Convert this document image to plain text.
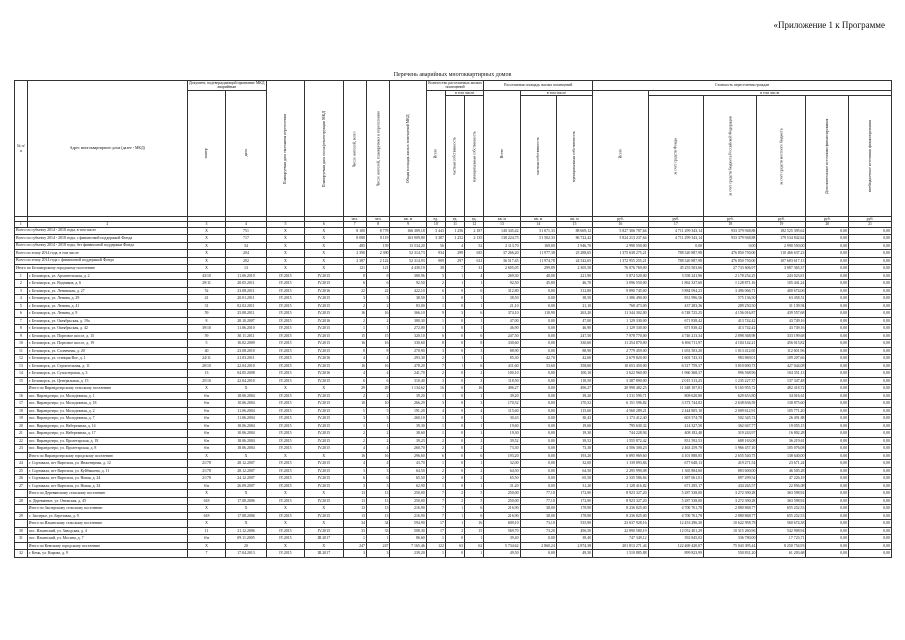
«Приложение 1 к Программе
Перечень аварийных многоквартирных домов
№ п/п	Адрес многоквартирного дома (далее - МКД)	Документ, подтверждающий признание МКД аварийным		Планируемая дата окончания переселения	Планируемая дата сноса/реконструкции МКД	Число жителей, всего	Число жителей, планируемых к переселению	Общая площадь жилых помещений МКД	Количество расселяемых жилых помещений			Расселяемая площадь жилых помещений			Стоимость переселения граждан					
		номер	дата						Всего	в том числе		Всего	в том числе		Всего	в том числе				
										частная собственность	муниципальная собственность		частная собственность	муниципальная собственность		за счет средств Фонда	за счет средств бюджета Российской Федерации	за счет средств местного бюджета	Дополнительные источники финансирования	внебюджетные источники финансирования

						чел.	чел.	кв. м	ед.	ед.	ед.	кв. м	кв. м	кв. м	руб.	руб.	руб.	руб.	руб.	руб.
1	2	3	4	5	6	7	8	9	10	11	12	13	14	15	16	17	18	19	20	21
Всего по субъекту 2014 - 2018 годы, в том числе		X	751	X	X	8 100	8 778	166 309,18	3 443	1 256	2 187	140 345,42	51 671,33	88 669,12	5 827 306 787,64	4 711 299 343,14	933 379 948,88	182 525 395,62	0,00	0,00
Всего по субъекту 2014 - 2018 годы, с финансовой поддержкой Фонда		X	717	X	X	8 088	8 119	163 909,80	3 387	1 252	2 135	138 224,75	51 502,33	86 722,42	5 824 213 237,64	4 711 299 343,14	933 379 948,88	179 534 842,62	0,00	0,00
Всего по субъекту 2014 - 2018 годы, без финансовой поддержки Фонда		X	34	X	X	485	159	13 534,20	56	4	52	2 113,70	169,00	1 946,70	2 990 550,00	0,00	0,00	2 990 550,00	0,00	0,00
Всего по этапу 2014 года, в том числе		X	204	X	X	2 390	2 390	52 314,73	934	299	635	37 266,20	11 977,38	25 288,65	1 375 638 275,21	788 320 887,98	476 850 750,00	110 466 637,23	0,00	0,00
Всего по этапу 2014 года с финансовой поддержкой Фонда		X	202	X	X	2 387	2 122	52 314,93	909	297	612	36 517,45	11 974,78	24 542,65	1 372 955 255,21	788 320 887,98	476 850 750,00	107 683 617,13	0,00	0,00
Итого по Беломорскому городскому поселению		X	13	X	X	121	121	4 430,19	38	7	31	2 605,05	299,89	2 305,50	76 076 769,00	45 255 503,66	27 733 606,97	3 087 365,37	0,00	0,00
1	г. Беломорск, ул. Архангельская, д. 2	43/10	11.06.2010	IV.2015	IV.2015	8	8	380,96	5	1	4	269,30	48,00	221,90	5 874 520,00	3 558 241,96	2 178 254,25	243 023,81	0,00	0,00
2	г. Беломорск, ул. Водников, д. 6	29/11	20.05.2011	IV.2015	IV.2015	6	6	92,50	2	1	1	92,50	45,80	46,70	3 096 550,00	1 862 337,60	1 128 871,16	105 441,24	0,00	0,00
3	г. Беломорск, ул. Ленинская, д. 27	52	23.08.2011	IV.2015	IV.2016	22	22	422,10	6	0	6	312,80	0,00	312,80	9 890 745,00	5 884 094,23	3 496 066,71	400 674,06	0,00	0,00
4	г. Беломорск, ул. Ленина, д. 29	41	20.01.2011	IV.2015	IV.2015	3	3	38,50	1	0	1	38,50	0,00	38,50	1 386 490,00	831 996,56	575 136,50	63 458,51	0,00	0,00
5	г. Беломорск, ул. Ленина, д. 41	31	02.02.2011	IV.2015	IV.2015	2	2	83,00	1	0	1	21,10	0,00	21,10	768 473,00	437 283,36	289 250,50	31 139,94	0,00	0,00
6	г. Беломорск, ул. Ленина, д. 9	59	25.08.2011	IV.2015	IV.2015	16	16	366,10	9	3	6	374,10	110,90	263,20	11 344 302,00	6 748 725,25	4 156 016,87	439 557,68	0,00	0,00
7	г. Беломорск, ул. Октябрьская, д. 19а	8	28.10.2007	IV.2015	IV.2016	2	2	380,30	1	0	1	47,00	0,00	47,00	1 129 330,00	671 838,42	413 742,42	43 749,16	0,00	0,00
8	г. Беломорск, ул. Октябрьская, д. 42	39/10	11.06.2010	IV.2015	IV.2015	1	1	272,00	1	0	1	46,90	0,00	46,90	1 129 330,00	671 838,42	413 742,42	43 749,16	0,00	0,00
9	г. Беломорск, ул. Портовое шоссе, д. 15	59	30.11.2011	IV.2015	IV.2015	15	15	320,10	6	0	6	247,50	0,00	247,50	7 978 770,00	4 746 213,34	2 898 368,98	333 199,68	0,00	0,00
10	г. Беломорск, ул. Портовое шоссе, д. 19	5	16.02.2009	IV.2015	IV.2015	16	16	330,60	8	0	8	330,60	0,00	330,60	11 254 870,00	6 694 711,97	4 104 142,21	456 015,82	0,00	0,00
11	г. Беломорск, ул. Солнечная, д. 20	40	23.08.2010	IV.2015	IV.2015	8	8	270,90	3	0	3	88,90	0,00	88,90	2 779 459,00	1 653 503,20	1 013 412,65	112 601,96	0,00	0,00
12	г. Беломорск, ул. станция Вое, д. 1	24/11	21.03.2011	IV.2015	IV.2016	4	4	293,30	2	1	1	85,30	42,70	42,60	2 679 820,00	1 603 743,33	983 869,01	109 207,66	0,00	0,00
13	г. Беломорск, ул. Строительная, д. 11	20/10	22.04.2010	IV.2015	IV.2015	16	16	478,20	7	1	6	411,60	53,60	358,00	10 653 450,00	6 317 759,37	3 810 690,73	427 044,08	0,00	0,00
14	г. Беломорск, ул. Сухоозерская, д. 3	13	04.05.2008	IV.2015	IV.2016	4	4	241,70	2	0	2	100,10	0,00	100,10	3 622 960,00	1 960 368,37	996 568,96	104 351,13	0,00	0,00
15	г. Беломорск, ул. Центральная, д. 15	25/10	22.04.2010	IV.2015	IV.2015	6	6	310,40	3	0	3	118,50	0,00	118,50	3 387 890,00	2 015 313,25	1 235 227,37	137 347,48	0,00	0,00
	Итого по Вирандозерскому сельскому поселению	X	X	X	X	29	29	1 134,62	16	0	16	496,27	0,00	496,27	20 998 482,25	11 348 107,81	9 165 955,72	482 418,72	0,00	0,00
16	пос. Вирандозеро, ул. Молодежная, д. 1	б/н	18.06.2004	IV.2015	IV.2015	2	2	39,20	1	0	1	39,20	0,00	39,20	1 511 590,71	808 620,80	629 653,80	34 016,61	0,00	0,00
17	пос. Вирандозеро, ул. Молодежная, д. 18	б/н	10.06.2004	IV.2015	IV.2015	10	10	266,29	3	0	3	170,52	0,00	170,52	6 151 596,82	3 373 744,82	2 638 636,59	138 875,60	0,00	0,00
18	пос. Вирандозеро, ул. Молодежная, д. 2	б/н	11.06.2004	IV.2015	IV.2015	5	5	191,20	4	0	4	115,60	0,00	115,60	4 560 289,21	2 444 805,10	2 009 612,91	105 771,20	0,00	0,00
19	пос. Вирандозеро, ул. Молодежная, д. 7	б/н	11.06.2004	IV.2015	IV.2015	3	3	260,10	1	0	1	30,43	0,00	30,43	1 173 412,40	603 574,78	502 345,74	26 491,88	0,00	0,00
20	пос. Вирандозеро, ул. Набережная, д. 14	б/н	18.06.2004	IV.2015	IV.2015	1	1	39,30	1	0	1	19,60	0,00	19,60	795 630,32	414 327,50	362 047,77	19 055,15	0,00	0,00
21	пос. Вирандозеро, ул. Набережная, д. 17	б/н	10.06.2004	IV.2015	IV.2015	2	2	38,60	1	0	1	19,30	0,00	19,30	744 228,94	408 182,48	319 243,97	16 802,28	0,00	0,00
22	пос. Вирандозеро, ул. Пролетарская, д. 18	б/н	18.06.2004	IV.2015	IV.2015	2	2	39,23	2	0	2	39,52	0,00	39,52	1 555 872,42	831 592,53	688 163,08	36 219,61	0,00	0,00
23	пос. Вирандозеро, ул. Пролетарская, д. 8	б/н	18.06.2004	IV.2015	IV.2015	4	4	260,70	2	0	2	73,30	0,00	73,30	4 506 300,23	2 463 259,70	1 966 457,10	105 076,08	0,00	0,00
	Итого по Вирандозерскому городскому поселению	X	X	X	X	16	16	296,60	6	0	6	193,20	0,00	193,20	6 895 969,60	4 101 888,85	2 655 540,75	138 640,00	0,00	0,00
24	г. Сортавала, пгт Вяртсиля, ул. Инженерная, д. 12	21/78	28.12.2007	IV.2015	IV.2015	4	4	43,70	1	0	1	32,00	0,00	32,00	1 139 893,84	677 648,13	419 271,54	23 671,24	0,00	0,00
25	г. Сортавала, пгт Вяртсиля, ул. Куйбышева, д. 11	21/78	28.12.2007	IV.2015	IV.2015	3	3	64,50	2	0	2	64,50	0,00	64,50	2 295 990,08	1 365 884,60	883 600,00	46 505,28	0,00	0,00
26	г. Сортавала, пгт Вяртсиля, ул. Новая, д. 24	21/78	24.12.2007	IV.2015	IV.2015	6	6	65,50	2	0	2	65,50	0,00	65,50	2 335 586,84	1 387 061,01	897 299,54	47 226,19	0,00	0,00
27	г. Сортавала, пгт Вяртсиля, ул. Новая, д. 34	б/н	26.09.2007	IV.2015	IV.2015	3	3	62,90	1	0	1	31,20	0,00	31,20	1 128 416,82	671 295,17	434 265,57	22 856,08	0,00	0,00
	Итого по Деревянскому сельскому поселению	X	X	X	X	13	13	250,00	7	2	5	250,00	77,10	172,90	8 923 327,20	5 287 338,00	3 272 390,28	363 598,92	0,00	0,00
28	п. Деревянное, ул. Онежская, д. 45	618	17.08.2006	IV.2015	IV.2015	13	13	250,00	7	2	5	250,00	77,10	172,90	8 923 327,20	5 287 338,00	3 272 390,28	363 598,92	0,00	0,00
	Итого по Заозерскому сельскому поселению	X	X	X	X	13	13	216,90	7	1	6	216,90	38,00	178,90	8 236 825,00	4 700 761,78	2 880 868,77	655 252,53	0,00	0,00
29	с. Заозерье, ул. Березовая, д. 9	618	17.08.2006	IV.2015	IV.2015	13	13	216,90	7	1	6	216,90	38,00	178,90	8 236 825,00	4 700 761,78	2 880 868,77	655 252,53	0,00	0,00
	Итого по Ильинскому сельскому поселению	X	X	X	X	34	34	594,90	17	1	16	609,10	73,10	535,90	23 637 928,16	12 453 296,30	10 622 958,78	560 674,38	0,00	0,00
30	пос. Ильинский, ул. Заводская, д. 4	11	21.12.2006	IV.2015	IV.2015	33	33	508,30	17	2	15	569,70	73,20	496,50	22 890 580,19	12 052 401,29	10 315 260,96	542 908,94	0,00	0,00
31	пос. Ильинский, ул. Мосина, д. 7	б/н	09.11.2005	IV.2015	III.2017	1	1	86,60	1	0	1	39,40	0,00	39,40	747 349,12	392 845,02	336 780,00	17 723,71	0,00	0,00
	Итого по Кемскому городскому поселению	X	20	X	X	247	247	7 165,46	122	63	62	5 734,62	2 860,24	2 874,38	201 813 271,44	122 469 420,07	75 043 395,44	8 250 754,93	0,00	0,00
32	г. Кемь, ул. Кирова, д. 9	7	17.04.2013	IV.2015	III.2017	3	3	239,20	1	0	1	49,50	0,00	49,50	1 510 885,88	899 823,99	550 831,20	61 203,68	0,00	0,00
